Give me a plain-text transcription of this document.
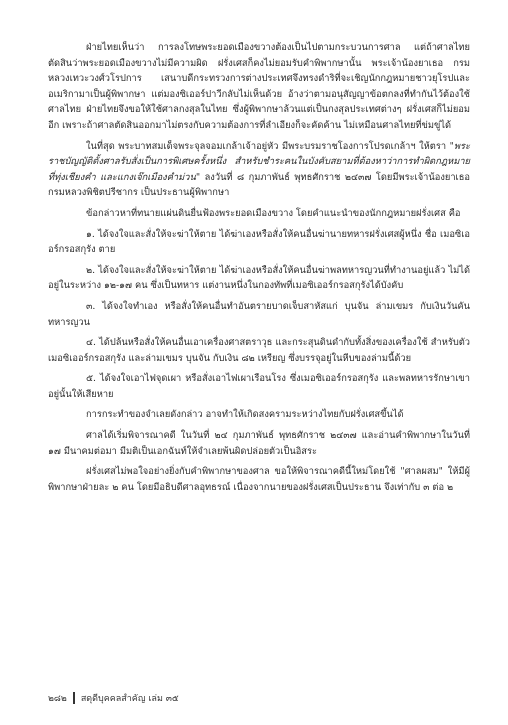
ฝ่ายไทยเห็นว่า การลงโทษพระยอดเมืองขวางต้องเป็นไปตามกระบวนการศาล แต่ถ้าศาลไทยตัดสินว่าพระยอดเมืองขวางไม่มีความผิด ฝรั่งเศสก็คงไม่ยอมรับคำพิพากษานั้น พระเจ้าน้องยาเธอ กรมหลวงเทวะวงศ์วโรปการ เสนาบดีกระทรวงการต่างประเทศจึงทรงดำริที่จะเชิญนักกฎหมายชาวยุโรปและอเมริกามาเป็นผู้พิพากษา แต่มองซิเออร์ปาวีกลับไม่เห็นด้วย อ้างว่าตามอนุสัญญาข้อตกลงที่ทำกันไว้ต้องใช้ศาลไทย ฝ่ายไทยจึงขอให้ใช้ศาลกงสุลในไทย ซึ่งผู้พิพากษาล้วนแต่เป็นกงสุลประเทศต่างๆ ฝรั่งเศสก็ไม่ยอมอีก เพราะถ้าศาลตัดสินออกมาไม่ตรงกับความต้องการที่ลำเอียงก็จะคัดค้าน ไม่เหมือนศาลไทยที่ข่มขู่ได้

ในที่สุด พระบาทสมเด็จพระจุลจอมเกล้าเจ้าอยู่หัว มีพระบรมราชโองการโปรดเกล้าฯ ให้ตรา "พระราชบัญญัติตั้งศาลรับสั่งเป็นการพิเศษครั้งหนึ่ง สำหรับชำระคนในบังคับสยามที่ต้องหาว่าการทำผิดกฎหมายที่ทุ่งเชียงคำ และแกงเจ๊กเมืองคำม่วน" ลงวันที่ ๘ กุมภาพันธ์ พุทธศักราช ๒๔๓๗ โดยมีพระเจ้าน้องยาเธอ กรมหลวงพิชิตปรีชากร เป็นประธานผู้พิพากษา

ข้อกล่าวหาที่ทนายแผ่นดินยื่นฟ้องพระยอดเมืองขวาง โดยคำแนะนำของนักกฎหมายฝรั่งเศส คือ

๑. ได้จงใจและสั่งให้จะฆ่าให้ตาย ได้ฆ่าเองหรือสั่งให้คนอื่นฆ่านายทหารฝรั่งเศสผู้หนึ่ง ชื่อ เมอซิเออร์กรอสกุรัง ตาย

๒. ได้จงใจและสั่งให้จะฆ่าให้ตาย ได้ฆ่าเองหรือสั่งให้คนอื่นฆ่าพลทหารญวนที่ทำงานอยู่แล้ว ไม่ได้อยู่ในระหว่าง ๑๒-๑๗ คน ซึ่งเป็นทหาร แต่งานหนึ่งในกองทัพที่เมอซิเออร์กรอสกุรังได้บังคับ

๓. ได้จงใจทำเอง หรือสั่งให้คนอื่นทำอันตรายบาดเจ็บสาหัสแก่ บุนจัน ล่ามเขมร กับเงินวันคัน ทหารญวน

๔. ได้ปล้นหรือสั่งให้คนอื่นเอาเครื่องศาสตราวุธ และกระสุนดินดำกับทั้งสิ่งของเครื่องใช้ สำหรับตัวเมอซิเออร์กรอสกุรัง และล่ามเขมร บุนจัน กับเงิน ๘๒ เหรียญ ซึ่งบรรจุอยู่ในหีบของล่ามนี้ด้วย

๕. ได้จงใจเอาไฟจุดเผา หรือสั่งเอาไฟเผาเรือนโรง ซึ่งเมอซิเออร์กรอสกุรัง และพลทหารรักษาเขาอยู่นั้นให้เสียหาย

การกระทำของจำเลยดังกล่าว อาจทำให้เกิดสงครามระหว่างไทยกับฝรั่งเศสขึ้นได้

ศาลได้เริ่มพิจารณาคดี ในวันที่ ๒๔ กุมภาพันธ์ พุทธศักราช ๒๔๓๗ และอ่านคำพิพากษาในวันที่ ๑๗ มีนาคมต่อมา มีมติเป็นเอกฉันท์ให้จำเลยพ้นผิดปล่อยตัวเป็นอิสระ

ฝรั่งเศสไม่พอใจอย่างยิ่งกับคำพิพากษาของศาล ขอให้พิจารณาคดีนี้ใหม่โดยใช้ "ศาลผสม" ให้มีผู้พิพากษาฝ่ายละ ๒ คน โดยมีอธิบดีศาลอุทธรณ์ เนื่องจากนายของฝรั่งเศสเป็นประธาน จึงเท่ากับ ๓ ต่อ ๒

๒๘๒ สดุดีบุคคลสำคัญ เล่ม ๓๕
